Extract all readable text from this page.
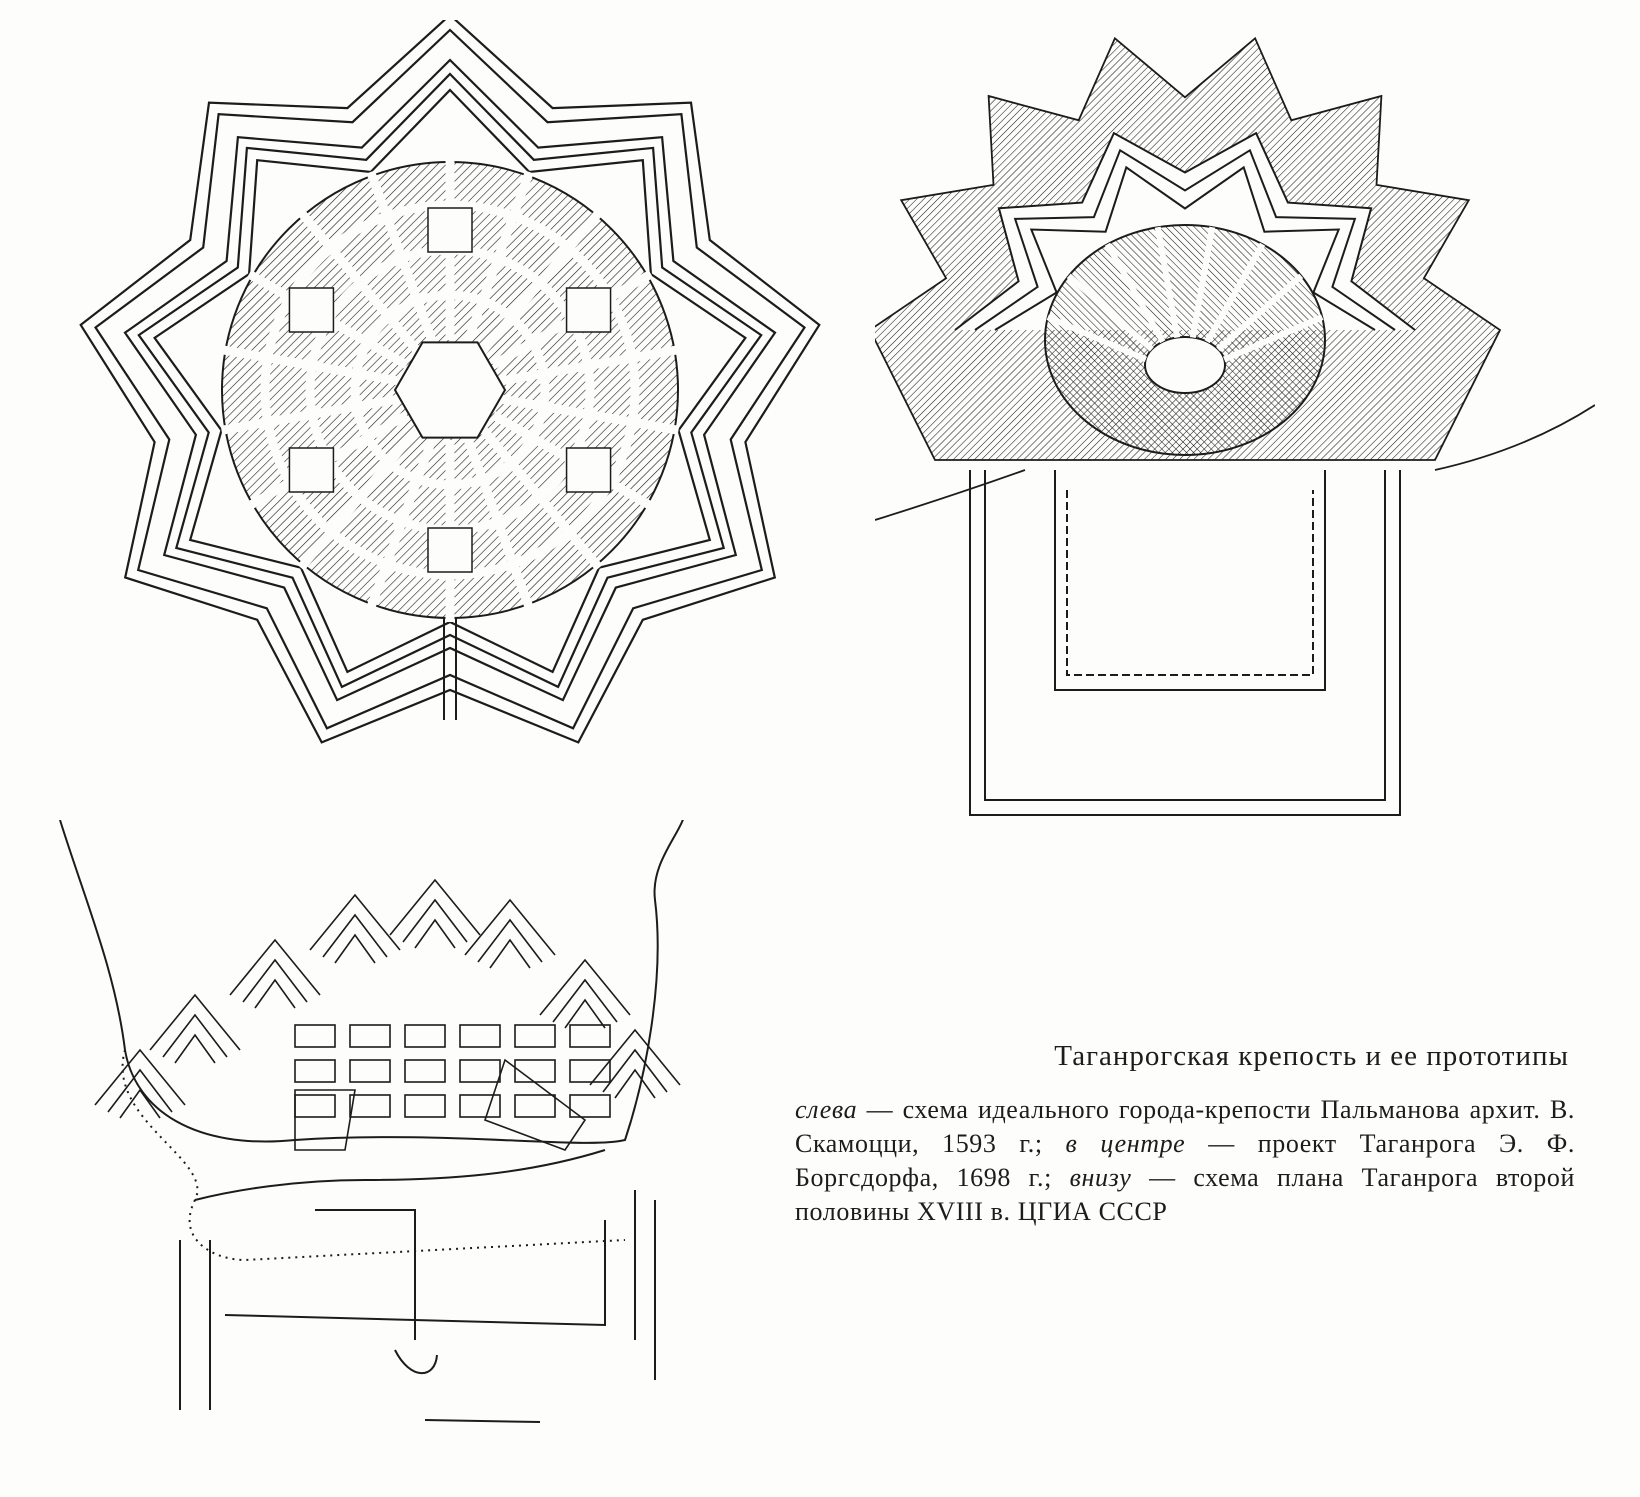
Таганрогская крепость и ее прототипы
слева — схема идеального города-крепости Пальманова архит. В. Скамоцци, 1593 г.; в центре — проект Таганрога Э. Ф. Боргсдорфа, 1698 г.; внизу — схема плана Таганрога второй половины XVIII в. ЦГИА СССР
